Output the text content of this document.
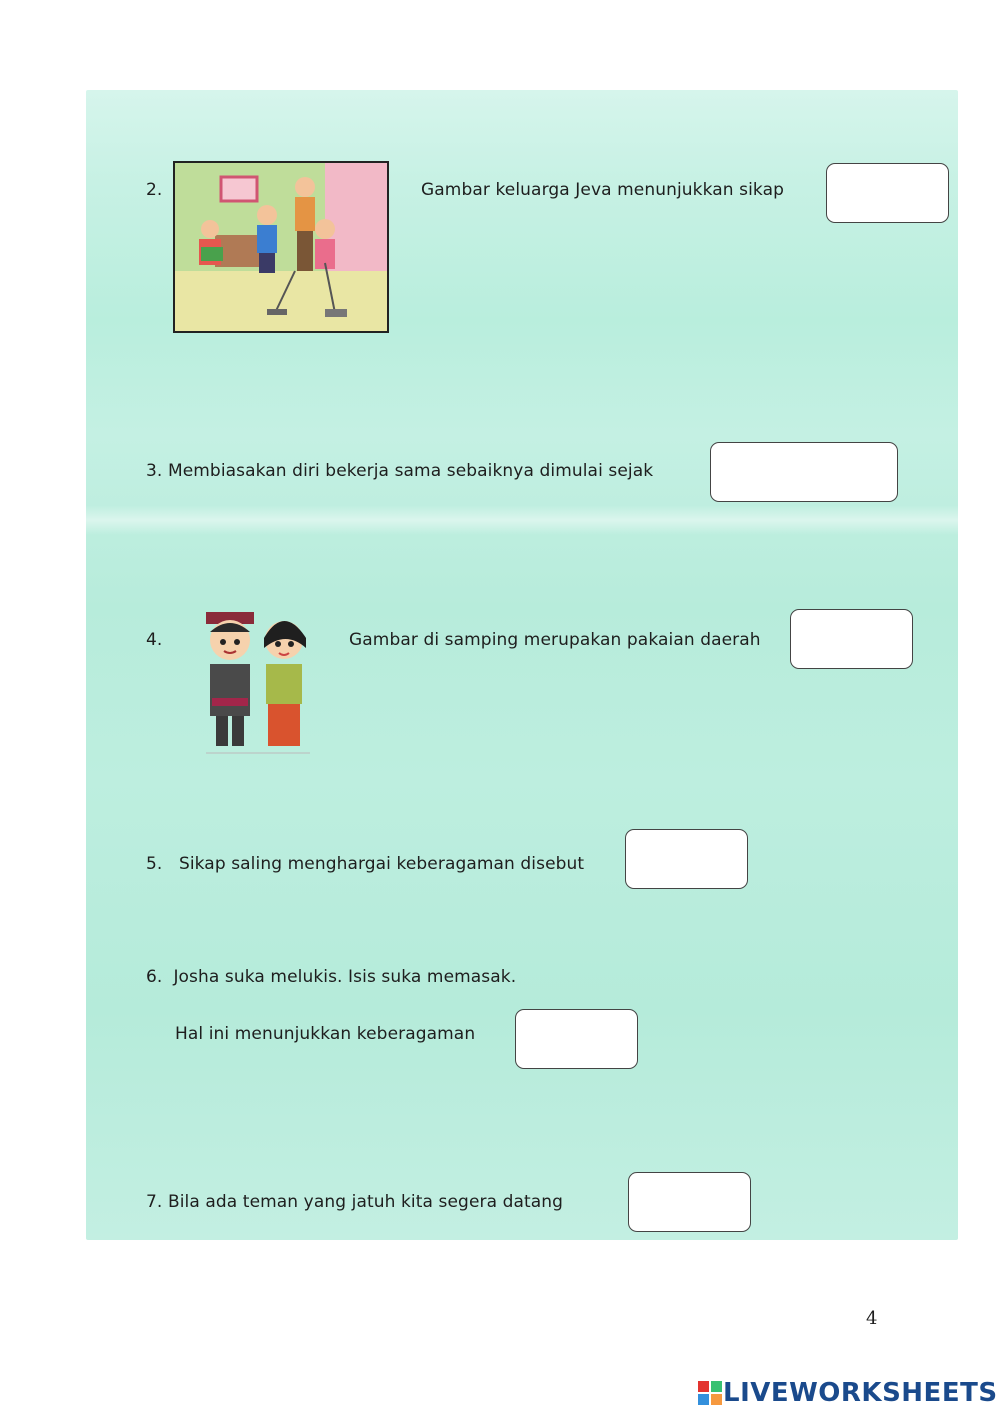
2.	Gambar keluarga Jeva menunjukkan sikap
3. Membiasakan diri bekerja sama sebaiknya dimulai sejak
4.	Gambar di samping merupakan pakaian daerah
5. Sikap saling menghargai keberagaman disebut
6. Josha suka melukis. Isis suka memasak.
Hal ini menunjukkan keberagaman
7. Bila ada teman yang jatuh kita segera datang
4
LIVEWORKSHEETS
